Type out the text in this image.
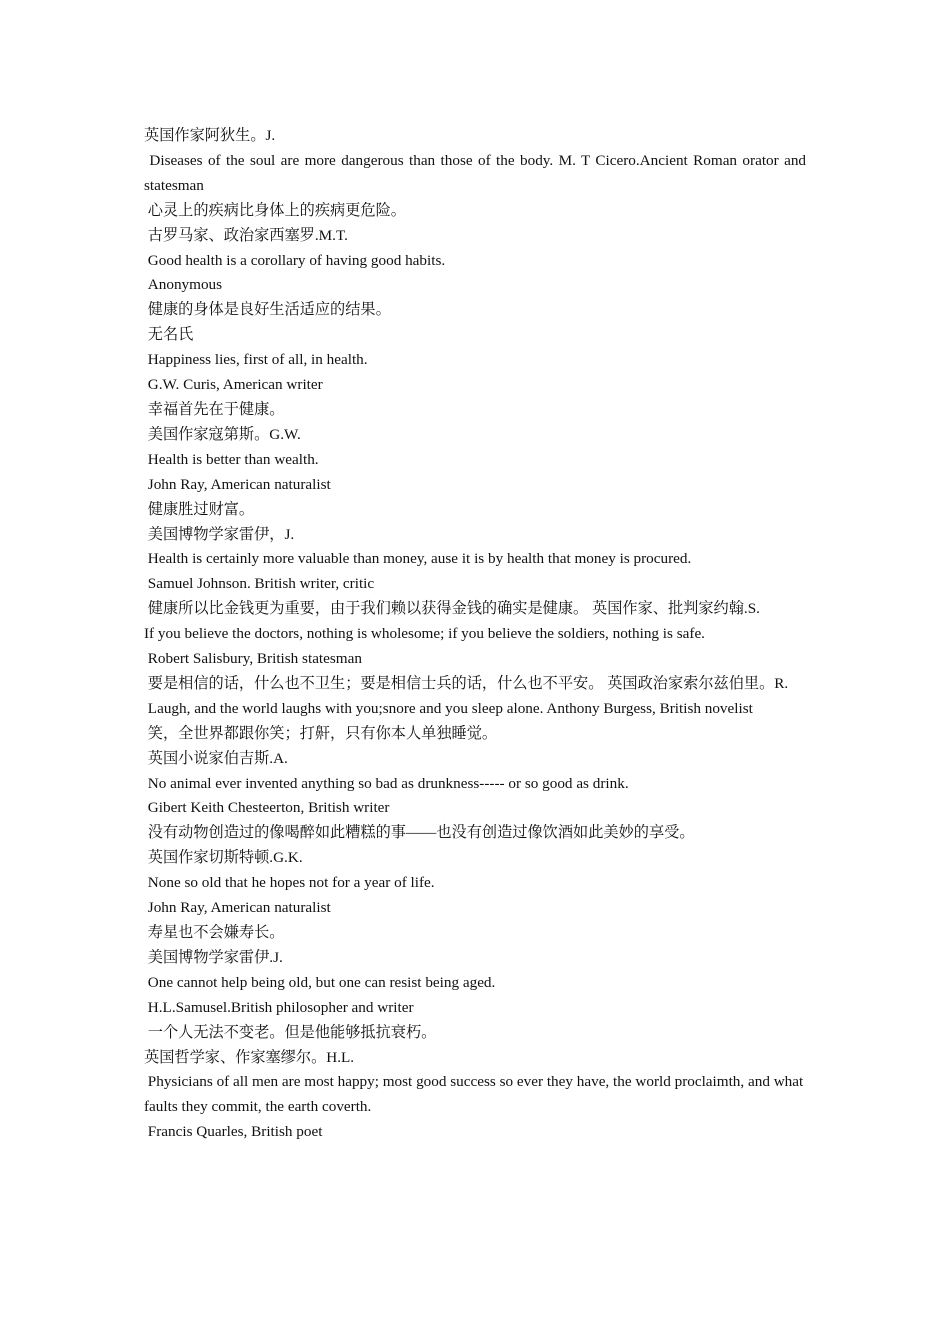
英国作家阿狄生。J.

Diseases of the soul are more dangerous than those of the body. M. T Cicero.Ancient Roman orator and statesman

心灵上的疾病比身体上的疾病更危险。

古罗马家、政治家西塞罗.M.T.

Good health is a corollary of having good habits.

Anonymous

健康的身体是良好生活适应的结果。

无名氏

Happiness lies, first of all, in health.

G.W. Curis, American writer

幸福首先在于健康。

美国作家寇第斯。G.W.

Health is better than wealth.

John Ray, American naturalist

健康胜过财富。

美国博物学家雷伊，J.

Health is certainly more valuable than money, ause it is by health that money is procured.

Samuel Johnson. British writer, critic

健康所以比金钱更为重要，由于我们赖以获得金钱的确实是健康。 英国作家、批判家约翰.S.

If you believe the doctors, nothing is wholesome; if you believe the soldiers, nothing is safe.

Robert Salisbury, British statesman

要是相信的话，什么也不卫生；要是相信士兵的话，什么也不平安。 英国政治家索尔兹伯里。R.

Laugh, and the world laughs with you;snore and you sleep alone. Anthony Burgess, British novelist

笑，全世界都跟你笑；打鼾，只有你本人单独睡觉。

英国小说家伯吉斯.A.

No animal ever invented anything so bad as drunkness----- or so good as drink.

Gibert Keith Chesteerton, British writer

没有动物创造过的像喝醉如此糟糕的事——也没有创造过像饮酒如此美妙的享受。

英国作家切斯特顿.G.K.

None so old that he hopes not for a year of life.

John Ray, American naturalist

寿星也不会嫌寿长。

美国博物学家雷伊.J.

One cannot help being old, but one can resist being aged.

H.L.Samusel.British philosopher and writer

一个人无法不变老。但是他能够抵抗衰朽。

英国哲学家、作家塞缪尔。H.L.

Physicians of all men are most happy; most good success so ever they have, the world proclaimth, and what faults they commit, the earth coverth.

Francis Quarles, British poet
